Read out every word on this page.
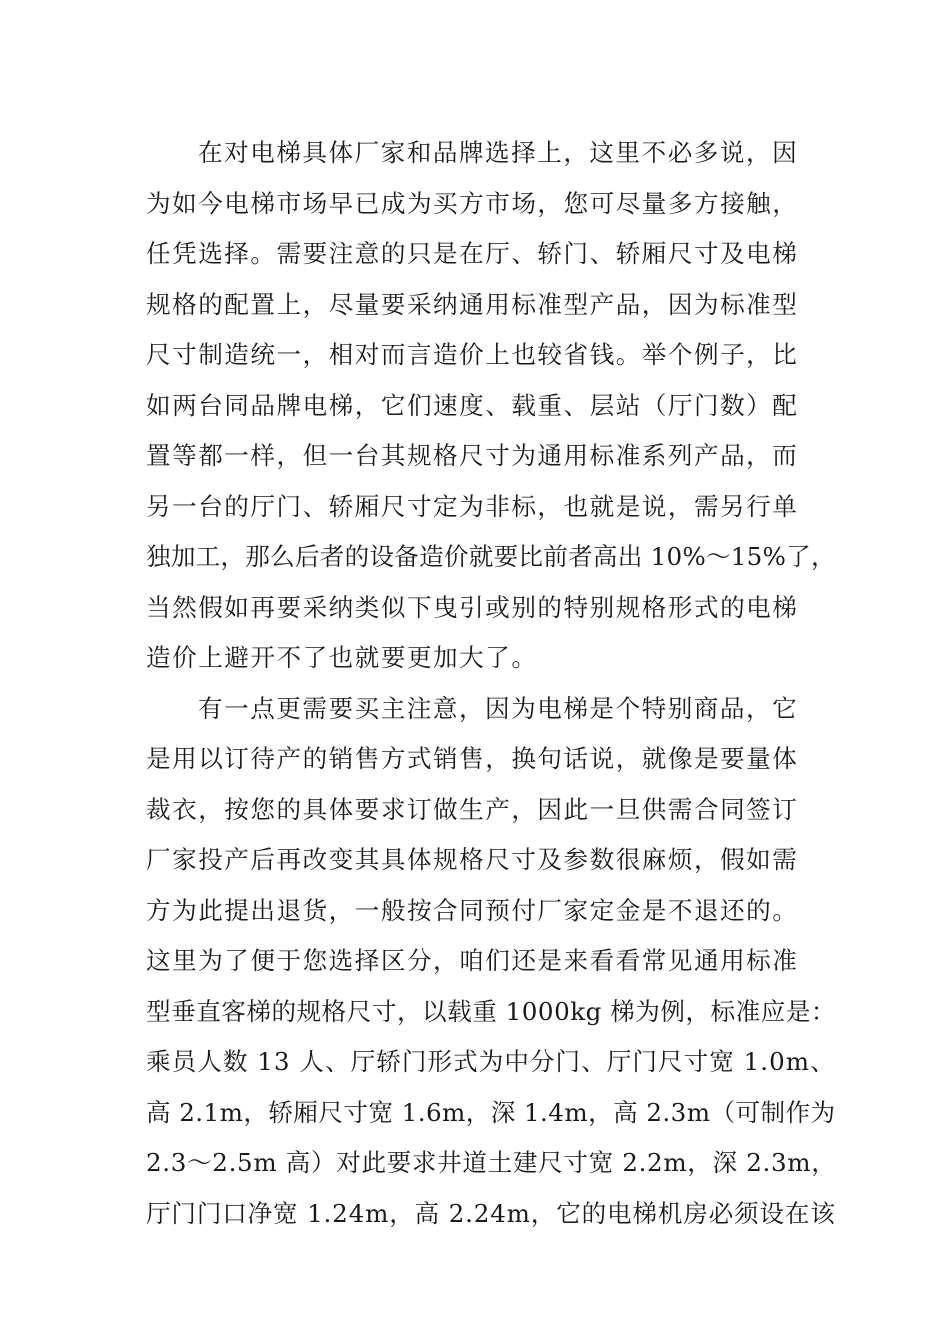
在对电梯具体厂家和品牌选择上，这里不必多说，因
为如今电梯市场早已成为买方市场，您可尽量多方接触，
任凭选择。需要注意的只是在厅、轿门、轿厢尺寸及电梯
规格的配置上，尽量要采纳通用标准型产品，因为标准型
尺寸制造统一，相对而言造价上也较省钱。举个例子，比
如两台同品牌电梯，它们速度、载重、层站（厅门数）配
置等都一样，但一台其规格尺寸为通用标准系列产品，而
另一台的厅门、轿厢尺寸定为非标，也就是说，需另行单
独加工，那么后者的设备造价就要比前者高出 10%～15%了，
当然假如再要采纳类似下曳引或别的特别规格形式的电梯
造价上避开不了也就要更加大了。
有一点更需要买主注意，因为电梯是个特别商品，它
是用以订待产的销售方式销售，换句话说，就像是要量体
裁衣，按您的具体要求订做生产，因此一旦供需合同签订
厂家投产后再改变其具体规格尺寸及参数很麻烦，假如需
方为此提出退货，一般按合同预付厂家定金是不退还的。
这里为了便于您选择区分，咱们还是来看看常见通用标准
型垂直客梯的规格尺寸，以载重 1000kg 梯为例，标准应是：
乘员人数 13 人、厅轿门形式为中分门、厅门尺寸宽 1.0m、
高 2.1m，轿厢尺寸宽 1.6m，深 1.4m，高 2.3m（可制作为
2.3～2.5m 高）对此要求井道土建尺寸宽 2.2m，深 2.3m，
厅门门口净宽 1.24m，高 2.24m，它的电梯机房必须设在该
